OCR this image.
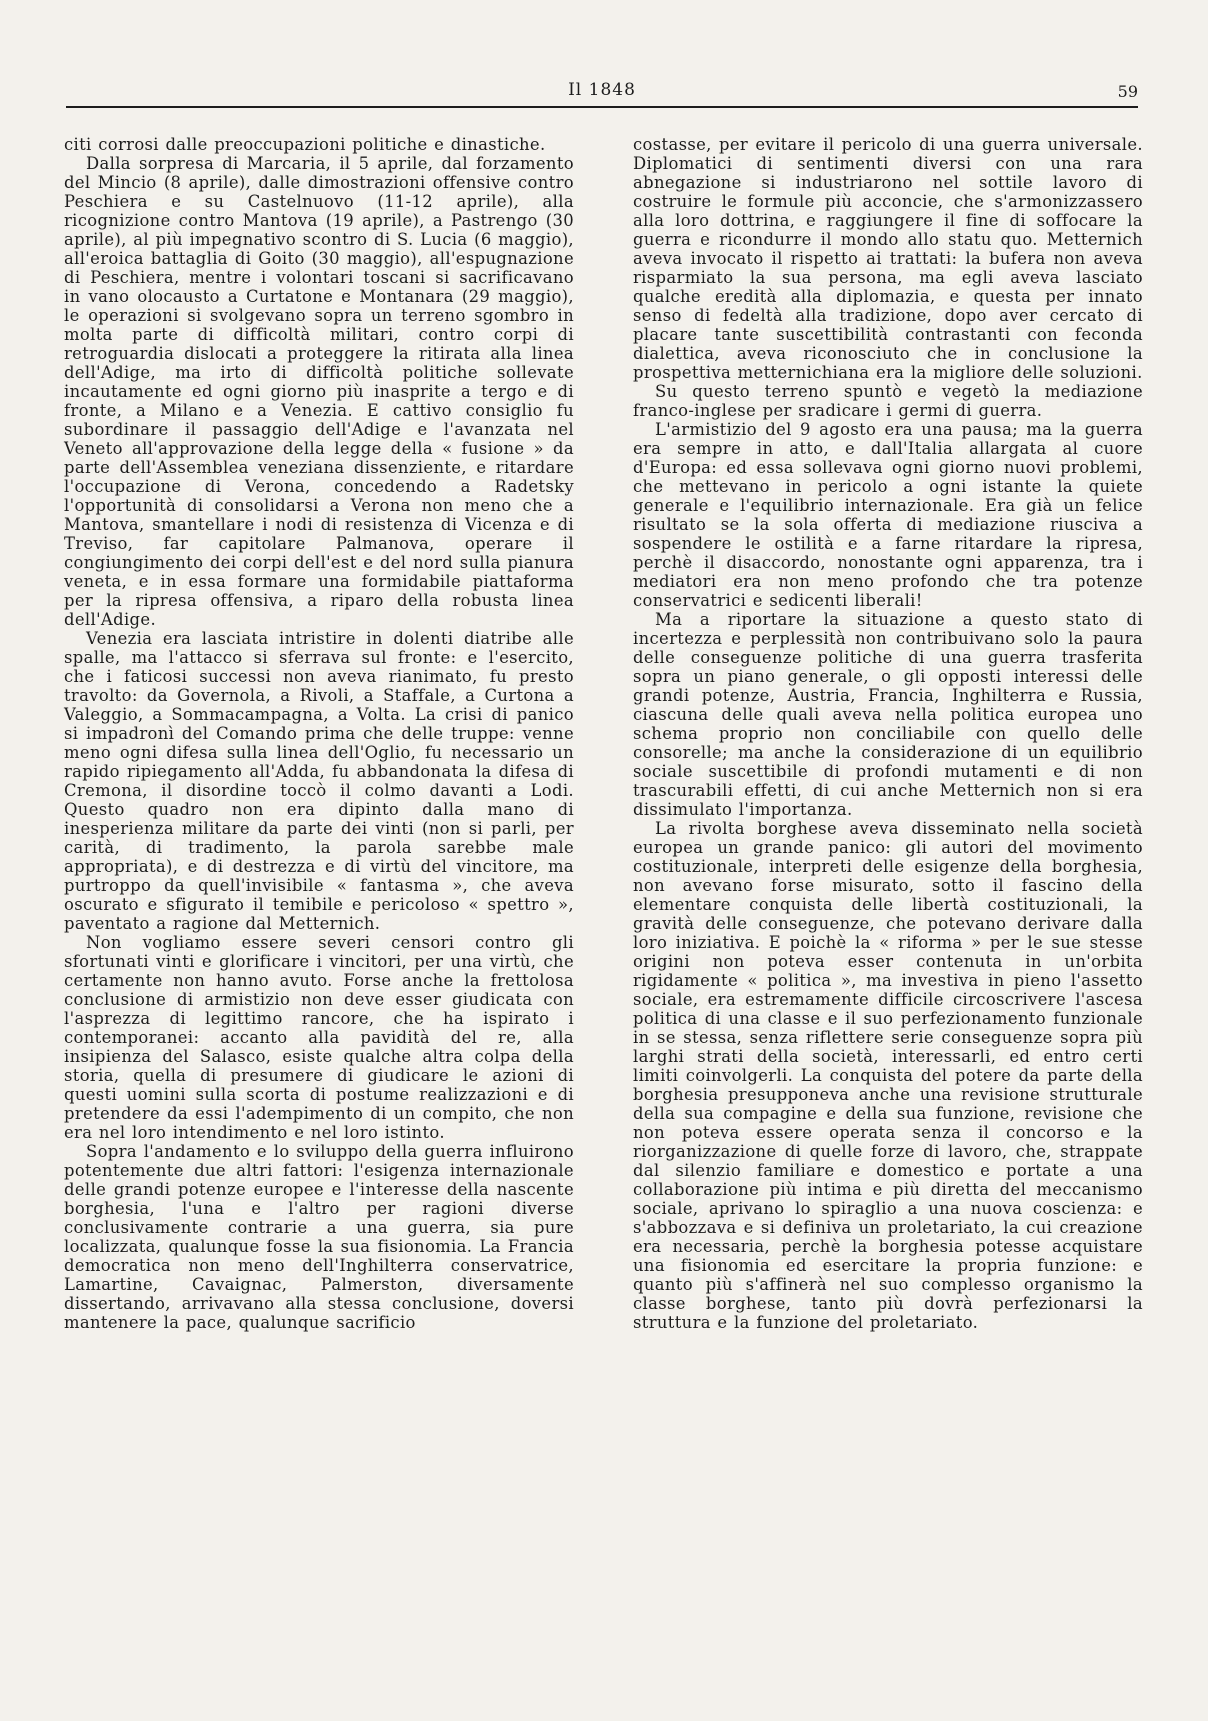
Il 1848	59

citi corrosi dalle preoccupazioni politiche e dinastiche.

Dalla sorpresa di Marcaria, il 5 aprile, dal forzamento del Mincio (8 aprile), dalle dimostrazioni offensive contro Peschiera e su Castelnuovo (11-12 aprile), alla ricognizione contro Mantova (19 aprile), a Pastrengo (30 aprile), al più impegnativo scontro di S. Lucia (6 maggio), all'eroica battaglia di Goito (30 maggio), all'espugnazione di Peschiera, mentre i volontari toscani si sacrificavano in vano olocausto a Curtatone e Montanara (29 maggio), le operazioni si svolgevano sopra un terreno sgombro in molta parte di difficoltà militari, contro corpi di retroguardia dislocati a proteggere la ritirata alla linea dell'Adige, ma irto di difficoltà politiche sollevate incautamente ed ogni giorno più inasprite a tergo e di fronte, a Milano e a Venezia. E cattivo consiglio fu subordinare il passaggio dell'Adige e l'avanzata nel Veneto all'approvazione della legge della « fusione » da parte dell'Assemblea veneziana dissenziente, e ritardare l'occupazione di Verona, concedendo a Radetsky l'opportunità di consolidarsi a Verona non meno che a Mantova, smantellare i nodi di resistenza di Vicenza e di Treviso, far capitolare Palmanova, operare il congiungimento dei corpi dell'est e del nord sulla pianura veneta, e in essa formare una formidabile piattaforma per la ripresa offensiva, a riparo della robusta linea dell'Adige.

Venezia era lasciata intristire in dolenti diatribe alle spalle, ma l'attacco si sferrava sul fronte: e l'esercito, che i faticosi successi non aveva rianimato, fu presto travolto: da Governola, a Rivoli, a Staffale, a Curtona a Valeggio, a Sommacampagna, a Volta. La crisi di panico si impadronì del Comando prima che delle truppe: venne meno ogni difesa sulla linea dell'Oglio, fu necessario un rapido ripiegamento all'Adda, fu abbandonata la difesa di Cremona, il disordine toccò il colmo davanti a Lodi. Questo quadro non era dipinto dalla mano di inesperienza militare da parte dei vinti (non si parli, per carità, di tradimento, la parola sarebbe male appropriata), e di destrezza e di virtù del vincitore, ma purtroppo da quell'invisibile « fantasma », che aveva oscurato e sfigurato il temibile e pericoloso « spettro », paventato a ragione dal Metternich.

Non vogliamo essere severi censori contro gli sfortunati vinti e glorificare i vincitori, per una virtù, che certamente non hanno avuto. Forse anche la frettolosa conclusione di armistizio non deve esser giudicata con l'asprezza di legittimo rancore, che ha ispirato i contemporanei: accanto alla pavidità del re, alla insipienza del Salasco, esiste qualche altra colpa della storia, quella di presumere di giudicare le azioni di questi uomini sulla scorta di postume realizzazioni e di pretendere da essi l'adempimento di un compito, che non era nel loro intendimento e nel loro istinto.

Sopra l'andamento e lo sviluppo della guerra influirono potentemente due altri fattori: l'esigenza internazionale delle grandi potenze europee e l'interesse della nascente borghesia, l'una e l'altro per ragioni diverse conclusivamente contrarie a una guerra, sia pure localizzata, qualunque fosse la sua fisionomia. La Francia democratica non meno dell'Inghilterra conservatrice, Lamartine, Cavaignac, Palmerston, diversamente dissertando, arrivavano alla stessa conclusione, doversi mantenere la pace, qualunque sacrificio

costasse, per evitare il pericolo di una guerra universale. Diplomatici di sentimenti diversi con una rara abnegazione si industriarono nel sottile lavoro di costruire le formule più acconcie, che s'armonizzassero alla loro dottrina, e raggiungere il fine di soffocare la guerra e ricondurre il mondo allo statu quo. Metternich aveva invocato il rispetto ai trattati: la bufera non aveva risparmiato la sua persona, ma egli aveva lasciato qualche eredità alla diplomazia, e questa per innato senso di fedeltà alla tradizione, dopo aver cercato di placare tante suscettibilità contrastanti con feconda dialettica, aveva riconosciuto che in conclusione la prospettiva metternichiana era la migliore delle soluzioni.

Su questo terreno spuntò e vegetò la mediazione franco-inglese per sradicare i germi di guerra.

L'armistizio del 9 agosto era una pausa; ma la guerra era sempre in atto, e dall'Italia allargata al cuore d'Europa: ed essa sollevava ogni giorno nuovi problemi, che mettevano in pericolo a ogni istante la quiete generale e l'equilibrio internazionale. Era già un felice risultato se la sola offerta di mediazione riusciva a sospendere le ostilità e a farne ritardare la ripresa, perchè il disaccordo, nonostante ogni apparenza, tra i mediatori era non meno profondo che tra potenze conservatrici e sedicenti liberali!

Ma a riportare la situazione a questo stato di incertezza e perplessità non contribuivano solo la paura delle conseguenze politiche di una guerra trasferita sopra un piano generale, o gli opposti interessi delle grandi potenze, Austria, Francia, Inghilterra e Russia, ciascuna delle quali aveva nella politica europea uno schema proprio non conciliabile con quello delle consorelle; ma anche la considerazione di un equilibrio sociale suscettibile di profondi mutamenti e di non trascurabili effetti, di cui anche Metternich non si era dissimulato l'importanza.

La rivolta borghese aveva disseminato nella società europea un grande panico: gli autori del movimento costituzionale, interpreti delle esigenze della borghesia, non avevano forse misurato, sotto il fascino della elementare conquista delle libertà costituzionali, la gravità delle conseguenze, che potevano derivare dalla loro iniziativa. E poichè la « riforma » per le sue stesse origini non poteva esser contenuta in un'orbita rigidamente « politica », ma investiva in pieno l'assetto sociale, era estremamente difficile circoscrivere l'ascesa politica di una classe e il suo perfezionamento funzionale in se stessa, senza riflettere serie conseguenze sopra più larghi strati della società, interessarli, ed entro certi limiti coinvolgerli. La conquista del potere da parte della borghesia presupponeva anche una revisione strutturale della sua compagine e della sua funzione, revisione che non poteva essere operata senza il concorso e la riorganizzazione di quelle forze di lavoro, che, strappate dal silenzio familiare e domestico e portate a una collaborazione più intima e più diretta del meccanismo sociale, aprivano lo spiraglio a una nuova coscienza: e s'abbozzava e si definiva un proletariato, la cui creazione era necessaria, perchè la borghesia potesse acquistare una fisionomia ed esercitare la propria funzione: e quanto più s'affinerà nel suo complesso organismo la classe borghese, tanto più dovrà perfezionarsi la struttura e la funzione del proletariato.
